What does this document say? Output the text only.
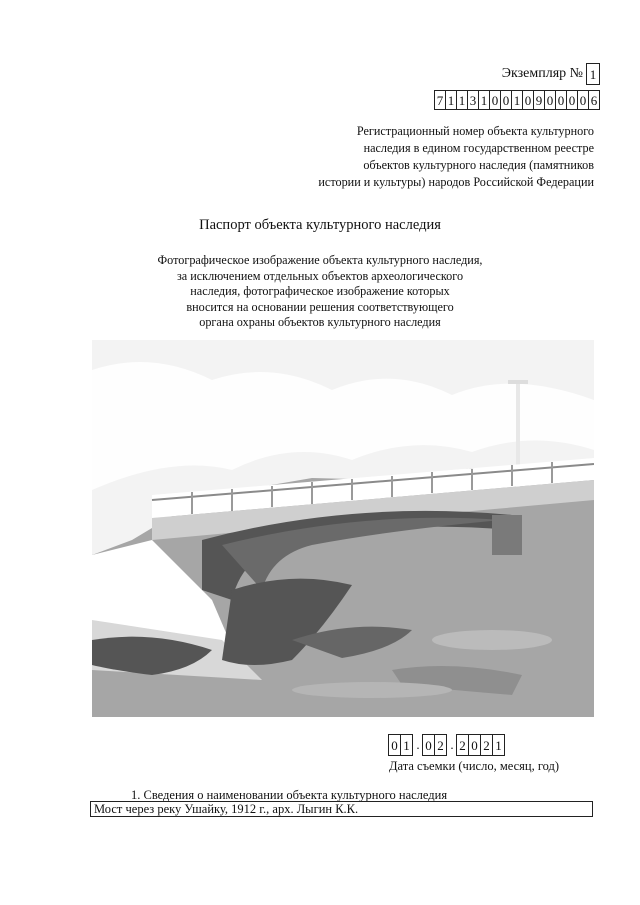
Экземпляр № 1
7 1 1 3 1 0 0 1 0 9 0 0 0 0 6
Регистрационный номер объекта культурного
наследия в едином государственном реестре
объектов культурного наследия (памятников
истории и культуры) народов Российской Федерации
Паспорт объекта культурного наследия
Фотографическое изображение объекта культурного наследия,
за исключением отдельных объектов археологического
наследия, фотографическое изображение которых
вносится на основании решения соответствующего
органа охраны объектов культурного наследия
0 1 . 0 2 . 2 0 2 1
Дата съемки (число, месяц, год)
1. Сведения о наименовании объекта культурного наследия
Мост через реку Ушайку, 1912 г., арх. Лыгин К.К.
